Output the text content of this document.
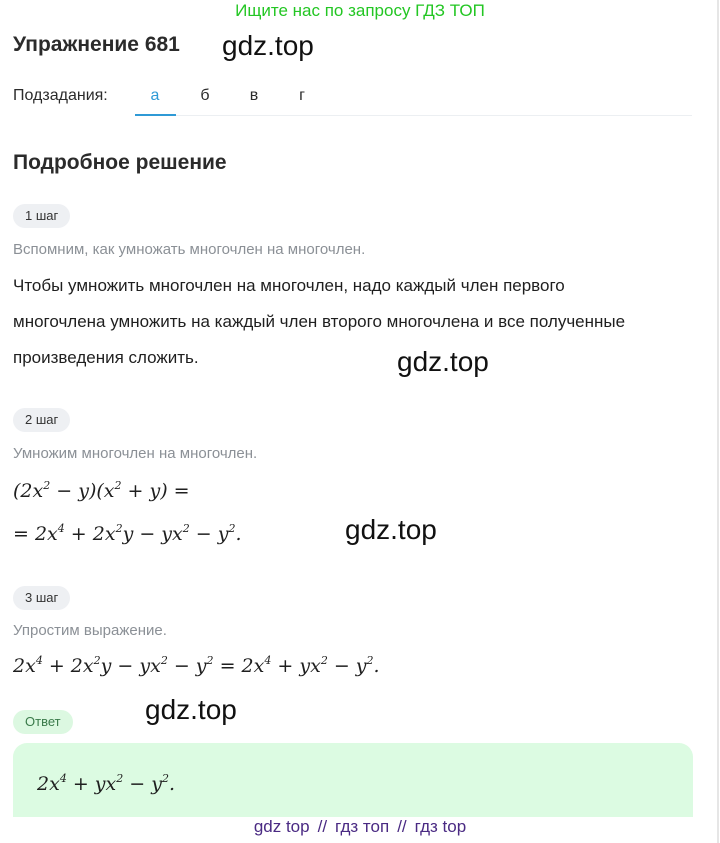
Ищите нас по запросу ГДЗ ТОП
Упражнение 681 gdz.top
Подзадания:	а	б	в	г
Подробное решение
1 шаг
Вспомним, как умножать многочлен на многочлен.
Чтобы умножить многочлен на многочлен, надо каждый член первого
многочлена умножить на каждый член второго многочлена и все полученные
произведения сложить.	gdz.top
2 шаг
Умножим многочлен на многочлен.
$(2x^2 - y)(x^2 + y)$ =
= $2x^4 + 2x^2y - yx^2 - y^2$.	gdz.top
3 шаг
Упростим выражение.
$2x^4 + 2x^2y - yx^2 - y^2 = 2x^4 + yx^2 - y^2$.
Ответ	gdz.top
$2x^4 + yx^2 - y^2$.
gdz top // гдз топ // гдз top
